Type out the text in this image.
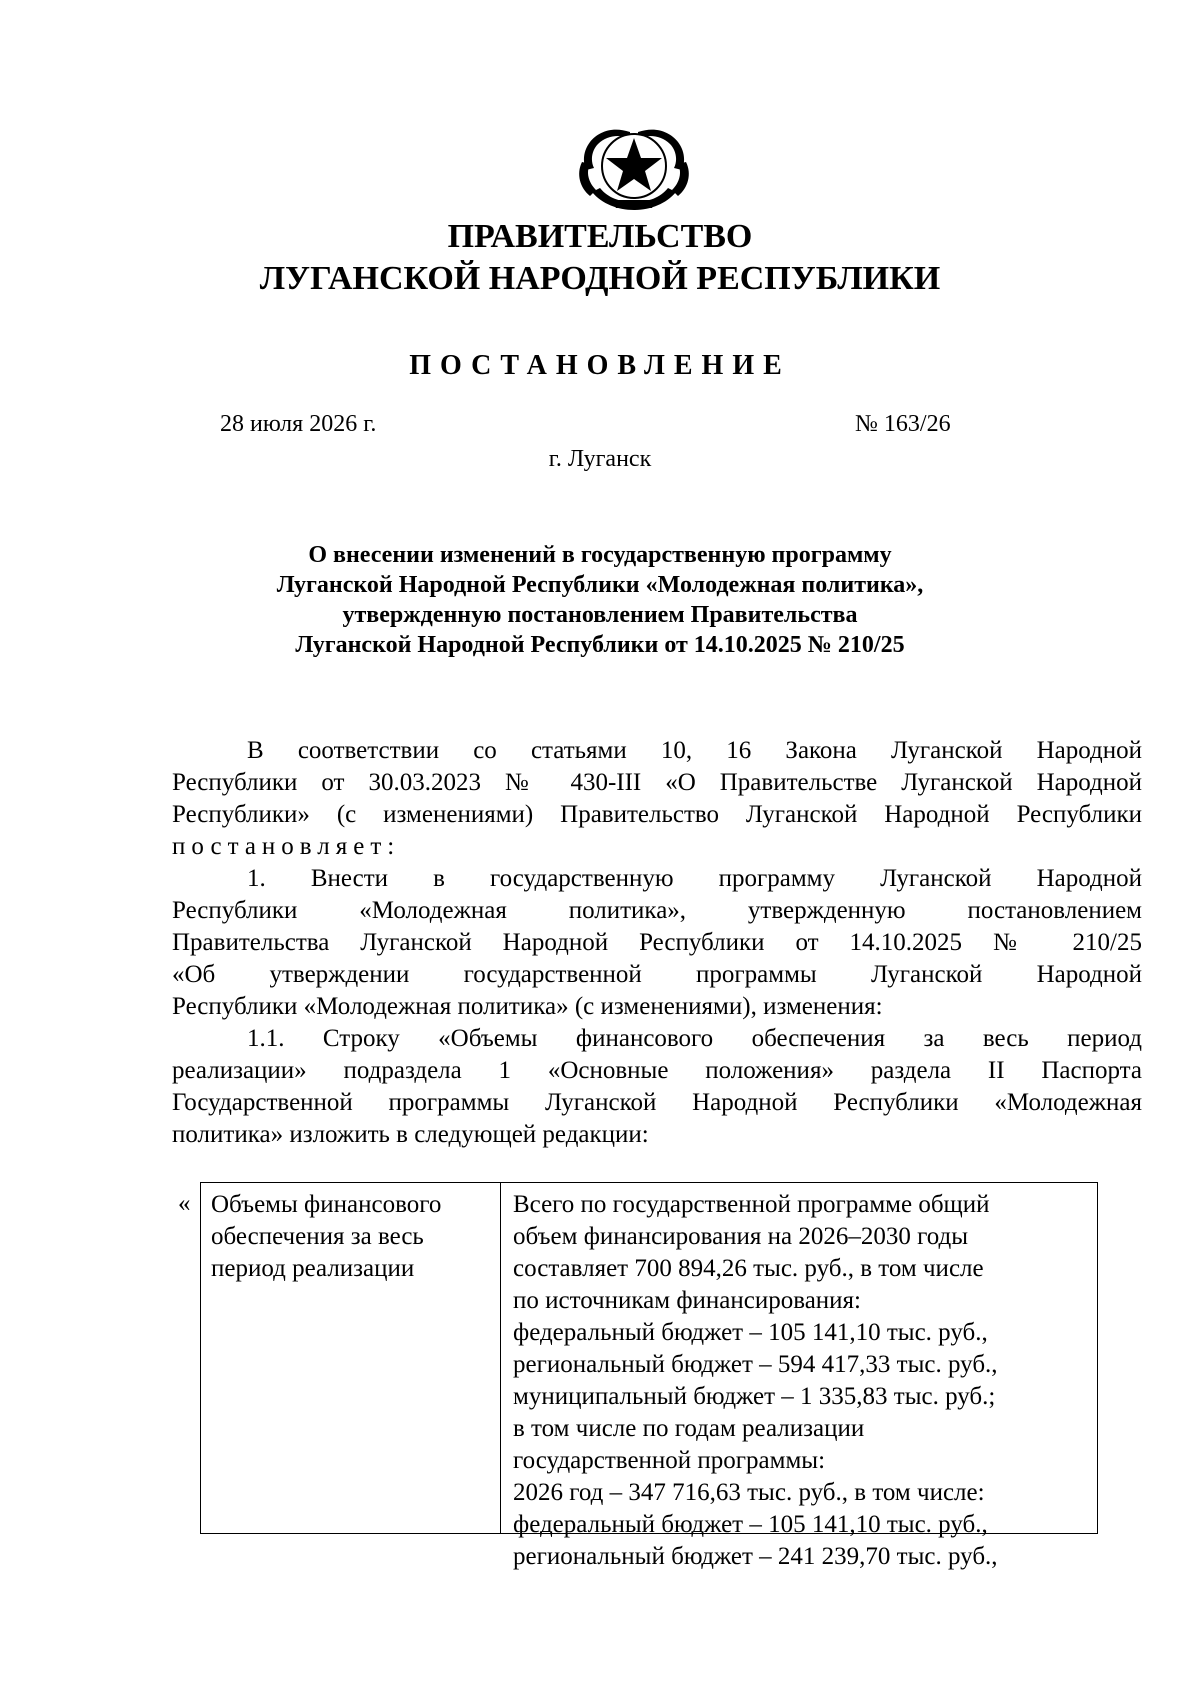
ПРАВИТЕЛЬСТВО
ЛУГАНСКОЙ НАРОДНОЙ РЕСПУБЛИКИ
ПОСТАНОВЛЕНИЕ
28 июля 2026 г.	№ 163/26
г. Луганск
О внесении изменений в государственную программу
Луганской Народной Республики «Молодежная политика»,
утвержденную постановлением Правительства
Луганской Народной Республики от 14.10.2025 № 210/25

В соответствии со статьями 10, 16 Закона Луганской Народной

Республики от 30.03.2023 № 430-III «О Правительстве Луганской Народной

Республики» (с изменениями) Правительство Луганской Народной Республики

постановляет:

1. Внести в государственную программу Луганской Народной

Республики «Молодежная политика», утвержденную постановлением

Правительства Луганской Народной Республики от 14.10.2025 № 210/25

«Об утверждении государственной программы Луганской Народной

Республики «Молодежная политика» (с изменениями), изменения:

1.1. Строку «Объемы финансового обеспечения за весь период

реализации» подраздела 1 «Основные положения» раздела II Паспорта

Государственной программы Луганской Народной Республики «Молодежная

политика» изложить в следующей редакции:

« Объемы финансового
обеспечения за весь
период реализации
Всего по государственной программе общий
объем финансирования на 2026–2030 годы
составляет 700 894,26 тыс. руб., в том числе
по источникам финансирования:
федеральный бюджет – 105 141,10 тыс. руб.,
региональный бюджет – 594 417,33 тыс. руб.,
муниципальный бюджет – 1 335,83 тыс. руб.;
в том числе по годам реализации
государственной программы:
2026 год – 347 716,63 тыс. руб., в том числе:
федеральный бюджет – 105 141,10 тыс. руб.,
региональный бюджет – 241 239,70 тыс. руб.,
